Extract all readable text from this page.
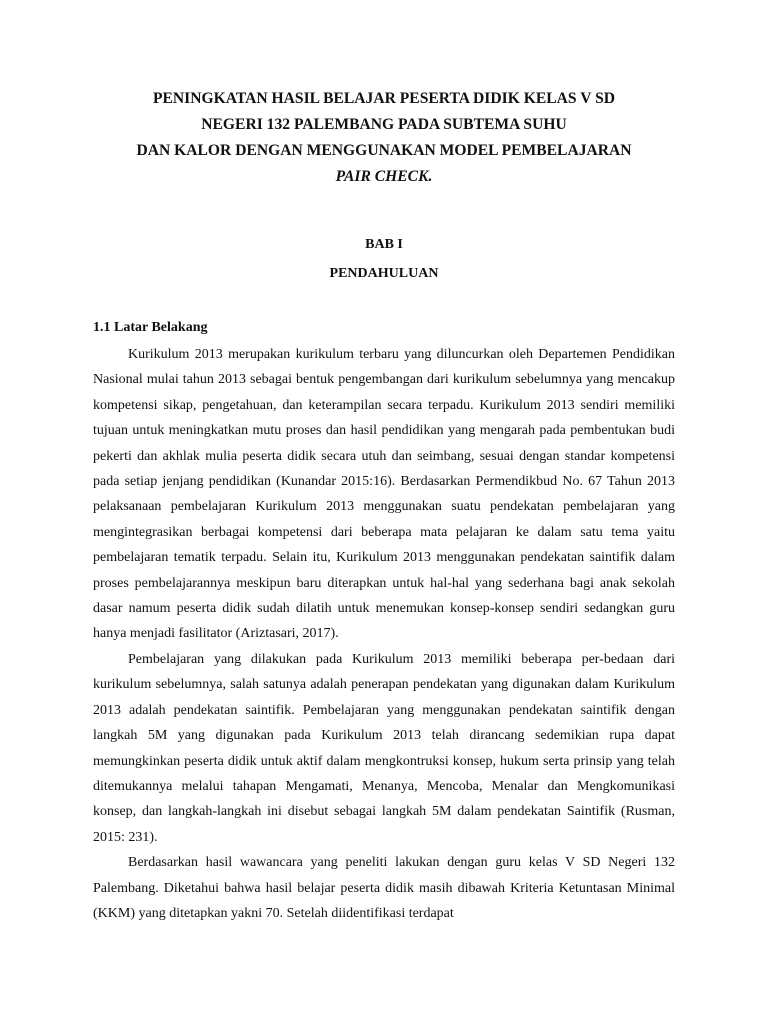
PENINGKATAN HASIL BELAJAR PESERTA DIDIK KELAS V SD
NEGERI 132 PALEMBANG PADA SUBTEMA SUHU
DAN KALOR DENGAN MENGGUNAKAN MODEL PEMBELAJARAN
PAIR CHECK.
BAB I
PENDAHULUAN
1.1 Latar Belakang

Kurikulum 2013 merupakan kurikulum terbaru yang diluncurkan oleh Departemen Pendidikan Nasional mulai tahun 2013 sebagai bentuk pengembangan dari kurikulum sebelumnya yang mencakup kompetensi sikap, pengetahuan, dan keterampilan secara terpadu. Kurikulum 2013 sendiri memiliki tujuan untuk meningkatkan mutu proses dan hasil pendidikan yang mengarah pada pembentukan budi pekerti dan akhlak mulia peserta didik secara utuh dan seimbang, sesuai dengan standar kompetensi pada setiap jenjang pendidikan (Kunandar 2015:16). Berdasarkan Permendikbud No. 67 Tahun 2013 pelaksanaan pembelajaran Kurikulum 2013 menggunakan suatu pendekatan pembelajaran yang mengintegrasikan berbagai kompetensi dari beberapa mata pelajaran ke dalam satu tema yaitu pembelajaran tematik terpadu. Selain itu, Kurikulum 2013 menggunakan pendekatan saintifik dalam proses pembelajarannya meskipun baru diterapkan untuk hal-hal yang sederhana bagi anak sekolah dasar namum peserta didik sudah dilatih untuk menemukan konsep-konsep sendiri sedangkan guru hanya menjadi fasilitator (Ariztasari, 2017).

Pembelajaran yang dilakukan pada Kurikulum 2013 memiliki beberapa per-bedaan dari kurikulum sebelumnya, salah satunya adalah penerapan pendekatan yang digunakan dalam Kurikulum 2013 adalah pendekatan saintifik. Pembelajaran yang menggunakan pendekatan saintifik dengan langkah 5M yang digunakan pada Kurikulum 2013 telah dirancang sedemikian rupa dapat memungkinkan peserta didik untuk aktif dalam mengkontruksi konsep, hukum serta prinsip yang telah ditemukannya melalui tahapan Mengamati, Menanya, Mencoba, Menalar dan Mengkomunikasi konsep, dan langkah-langkah ini disebut sebagai langkah 5M dalam pendekatan Saintifik (Rusman, 2015: 231).

Berdasarkan hasil wawancara yang peneliti lakukan dengan guru kelas V SD Negeri 132 Palembang. Diketahui bahwa hasil belajar peserta didik masih dibawah Kriteria Ketuntasan Minimal (KKM) yang ditetapkan yakni 70. Setelah diidentifikasi terdapat
